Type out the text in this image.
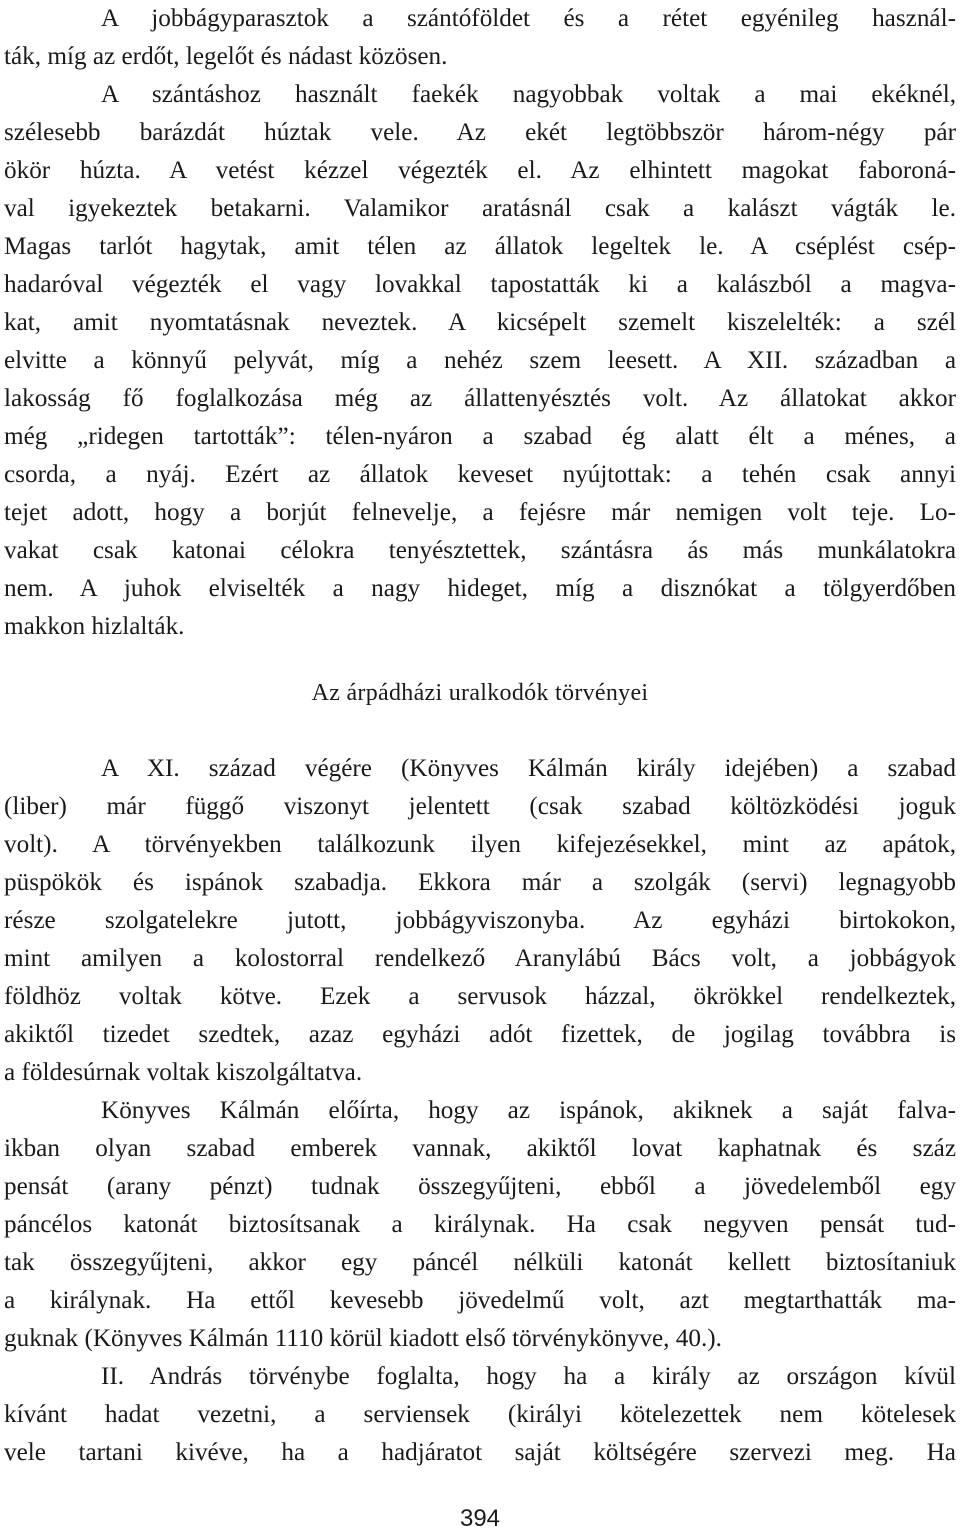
A jobbágyparasztok a szántóföldet és a rétet egyénileg használ-
ták, míg az erdőt, legelőt és nádast közösen.
A szántáshoz használt faekék nagyobbak voltak a mai ekéknél,
szélesebb barázdát húztak vele. Az ekét legtöbbször három-négy pár
ökör húzta. A vetést kézzel végezték el. Az elhintett magokat faboroná-
val igyekeztek betakarni. Valamikor aratásnál csak a kalászt vágták le.
Magas tarlót hagytak, amit télen az állatok legeltek le. A cséplést csép-
hadaróval végezték el vagy lovakkal tapostatták ki a kalászból a magva-
kat, amit nyomtatásnak neveztek. A kicsépelt szemelt kiszelelték: a szél
elvitte a könnyű pelyvát, míg a nehéz szem leesett. A XII. században a
lakosság fő foglalkozása még az állattenyésztés volt. Az állatokat akkor
még „ridegen tartották”: télen-nyáron a szabad ég alatt élt a ménes, a
csorda, a nyáj. Ezért az állatok keveset nyújtottak: a tehén csak annyi
tejet adott, hogy a borjút felnevelje, a fejésre már nemigen volt teje. Lo-
vakat csak katonai célokra tenyésztettek, szántásra ás más munkálatokra
nem. A juhok elviselték a nagy hideget, míg a disznókat a tölgyerdőben
makkon hizlalták.
Az árpádházi uralkodók törvényei
A XI. század végére (Könyves Kálmán király idejében) a szabad
(liber) már függő viszonyt jelentett (csak szabad költözködési joguk
volt). A törvényekben találkozunk ilyen kifejezésekkel, mint az apátok,
püspökök és ispánok szabadja. Ekkora már a szolgák (servi) legnagyobb
része szolgatelekre jutott, jobbágyviszonyba. Az egyházi birtokokon,
mint amilyen a kolostorral rendelkező Aranylábú Bács volt, a jobbágyok
földhöz voltak kötve. Ezek a servusok házzal, ökrökkel rendelkeztek,
akiktől tizedet szedtek, azaz egyházi adót fizettek, de jogilag továbbra is
a földesúrnak voltak kiszolgáltatva.
Könyves Kálmán előírta, hogy az ispánok, akiknek a saját falva-
ikban olyan szabad emberek vannak, akiktől lovat kaphatnak és száz
pensát (arany pénzt) tudnak összegyűjteni, ebből a jövedelemből egy
páncélos katonát biztosítsanak a királynak. Ha csak negyven pensát tud-
tak összegyűjteni, akkor egy páncél nélküli katonát kellett biztosítaniuk
a királynak. Ha ettől kevesebb jövedelmű volt, azt megtarthatták ma-
guknak (Könyves Kálmán 1110 körül kiadott első törvénykönyve, 40.).
II. András törvénybe foglalta, hogy ha a király az országon kívül
kívánt hadat vezetni, a serviensek (királyi kötelezettek nem kötelesek
vele tartani kivéve, ha a hadjáratot saját költségére szervezi meg. Ha
394
